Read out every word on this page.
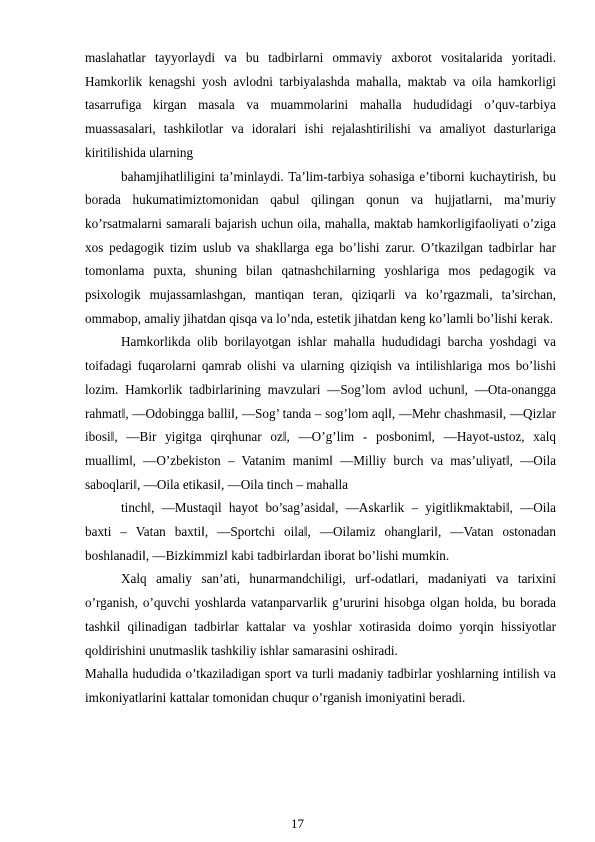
maslahatlar tayyorlaydi va bu tadbirlarni ommaviy axborot vositalarida yoritadi. Hamkorlik kenagshi yosh avlodni tarbiyalashda mahalla, maktab va oila hamkorligi tasarrufiga kirgan masala va muammolarini mahalla hududidagi o’quv-tarbiya muassasalari, tashkilotlar va idoralari ishi rejalashtirilishi va amaliyot dasturlariga kiritilishida ularning

bahamjihatliligini ta’minlaydi. Ta’lim-tarbiya sohasiga e’tiborni kuchaytirish, bu borada hukumatimiztomonidan qabul qilingan qonun va hujjatlarni, ma’muriy ko’rsatmalarni samarali bajarish uchun oila, mahalla, maktab hamkorligifaoliyati o’ziga xos pedagogik tizim uslub va shakllarga ega bo’lishi zarur. O’tkazilgan tadbirlar har tomonlama puxta, shuning bilan qatnashchilarning yoshlariga mos pedagogik va psixologik mujassamlashgan, mantiqan teran, qiziqarli va ko’rgazmali, ta’sirchan, ommabop, amaliy jihatdan qisqa va lo’nda, estetik jihatdan keng ko’lamli bo’lishi kerak.

Hamkorlikda olib borilayotgan ishlar mahalla hududidagi barcha yoshdagi va toifadagi fuqarolarni qamrab olishi va ularning qiziqish va intilishlariga mos bo’lishi lozim. Hamkorlik tadbirlarining mavzulari ―Sog’lom avlod uchun‖, ―Ota-onangga rahmat‖, ―Odobingga balli‖, ―Sog’ tanda – sog’lom aql‖, ―Mehr chashmasi‖, ―Qizlar ibosi‖, ―Bir yigitga qirqhunar oz‖, ―O’g’lim - posbonim‖, ―Hayot-ustoz, xalq muallim‖, ―O’zbekiston – Vatanim manim‖ ―Milliy burch va mas’uliyat‖, ―Oila saboqlari‖, ―Oila etikasi‖, ―Oila tinch – mahalla

tinch‖, ―Mustaqil hayot bo’sag’asida‖, ―Askarlik – yigitlikmaktabi‖, ―Oila baxti – Vatan baxti‖, ―Sportchi oila‖, ―Oilamiz ohanglari‖, ―Vatan ostonadan boshlanadi‖, ―Bizkimmiz‖ kabi tadbirlardan iborat bo’lishi mumkin.

Xalq amaliy san’ati, hunarmandchiligi, urf-odatlari, madaniyati va tarixini o’rganish, o’quvchi yoshlarda vatanparvarlik g’ururini hisobga olgan holda, bu borada tashkil qilinadigan tadbirlar kattalar va yoshlar xotirasida doimo yorqin hissiyotlar qoldirishini unutmaslik tashkiliy ishlar samarasini oshiradi.

Mahalla hududida o’tkaziladigan sport va turli madaniy tadbirlar yoshlarning intilish va imkoniyatlarini kattalar tomonidan chuqur o’rganish imoniyatini beradi.

17
